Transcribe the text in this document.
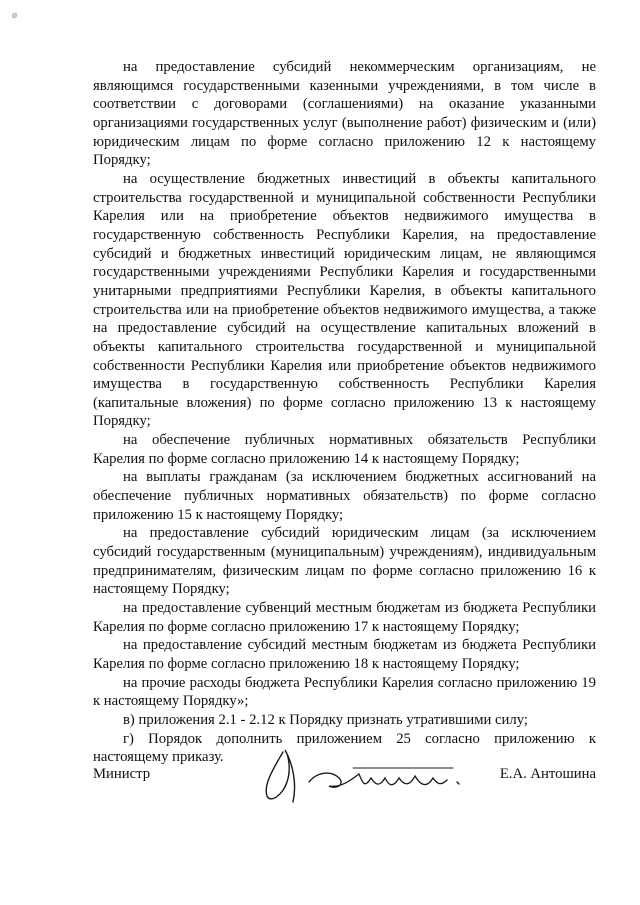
ø

на предоставление субсидий некоммерческим организациям, не являющимся государственными казенными учреждениями, в том числе в соответствии с договорами (соглашениями) на оказание указанными организациями государственных услуг (выполнение работ) физическим и (или) юридическим лицам по форме согласно приложению 12 к настоящему Порядку;

на осуществление бюджетных инвестиций в объекты капитального строительства государственной и муниципальной собственности Республики Карелия или на приобретение объектов недвижимого имущества в государственную собственность Республики Карелия, на предоставление субсидий и бюджетных инвестиций юридическим лицам, не являющимся государственными учреждениями Республики Карелия и государственными унитарными предприятиями Республики Карелия, в объекты капитального строительства или на приобретение объектов недвижимого имущества, а также на предоставление субсидий на осуществление капитальных вложений в объекты капитального строительства государственной и муниципальной собственности Республики Карелия или приобретение объектов недвижимого имущества в государственную собственность Республики Карелия (капитальные вложения) по форме согласно приложению 13 к настоящему Порядку;

на обеспечение публичных нормативных обязательств Республики Карелия по форме согласно приложению 14 к настоящему Порядку;

на выплаты гражданам (за исключением бюджетных ассигнований на обеспечение публичных нормативных обязательств) по форме согласно приложению 15 к настоящему Порядку;

на предоставление субсидий юридическим лицам (за исключением субсидий государственным (муниципальным) учреждениям), индивидуальным предпринимателям, физическим лицам по форме согласно приложению 16 к настоящему Порядку;

на предоставление субвенций местным бюджетам из бюджета Республики Карелия по форме согласно приложению 17 к настоящему Порядку;

на предоставление субсидий местным бюджетам из бюджета Республики Карелия по форме согласно приложению 18 к настоящему Порядку;

на прочие расходы бюджета Республики Карелия согласно приложению 19 к настоящему Порядку»;

в) приложения 2.1 - 2.12 к Порядку признать утратившими силу;

г) Порядок дополнить приложением 25 согласно приложению к настоящему приказу.

Министр	Е.А. Антошина
